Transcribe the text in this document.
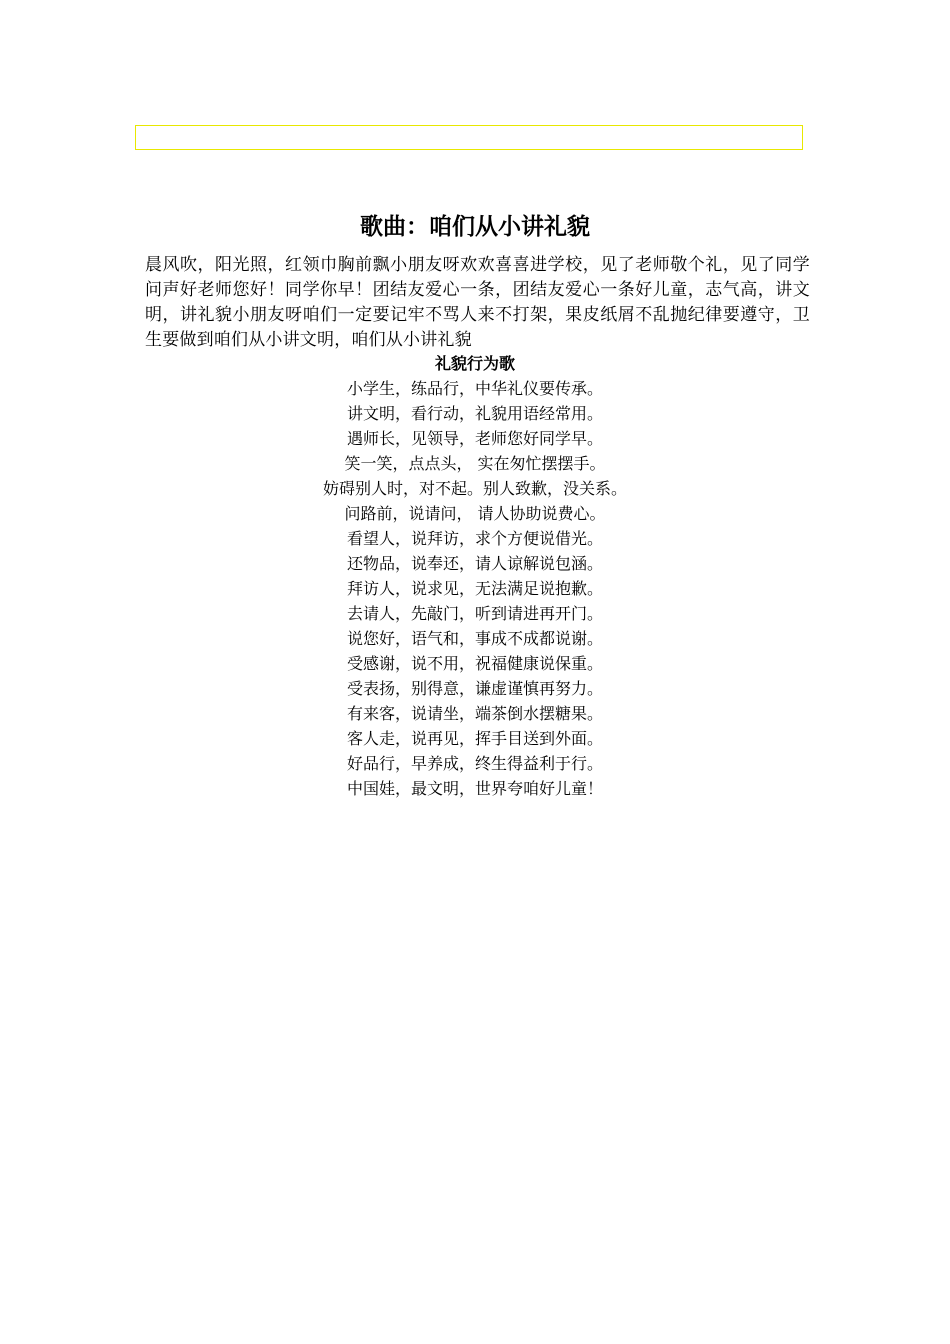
歌曲：咱们从小讲礼貌

晨风吹，阳光照，红领巾胸前飘小朋友呀欢欢喜喜进学校，见了老师敬个礼，见了同学 问声好老师您好！同学你早！团结友爱心一条，团结友爱心一条好儿童，志气高，讲文明，讲礼貌小朋友呀咱们一定要记牢不骂人来不打架，果皮纸屑不乱抛纪律要遵守，卫生要做到咱们从小讲文明，咱们从小讲礼貌

礼貌行为歌
小学生，练品行，中华礼仪要传承。
讲文明，看行动，礼貌用语经常用。
遇师长，见领导，老师您好同学早。
笑一笑，点点头， 实在匆忙摆摆手。
妨碍别人时，对不起。别人致歉，没关系。
问路前，说请问， 请人协助说费心。
看望人，说拜访，求个方便说借光。
还物品，说奉还，请人谅解说包涵。
拜访人，说求见，无法满足说抱歉。
去请人，先敲门，听到请进再开门。
说您好，语气和，事成不成都说谢。
受感谢，说不用，祝福健康说保重。
受表扬，别得意，谦虚谨慎再努力。
有来客，说请坐，端茶倒水摆糖果。
客人走，说再见，挥手目送到外面。
好品行，早养成，终生得益利于行。
中国娃，最文明，世界夸咱好儿童！
